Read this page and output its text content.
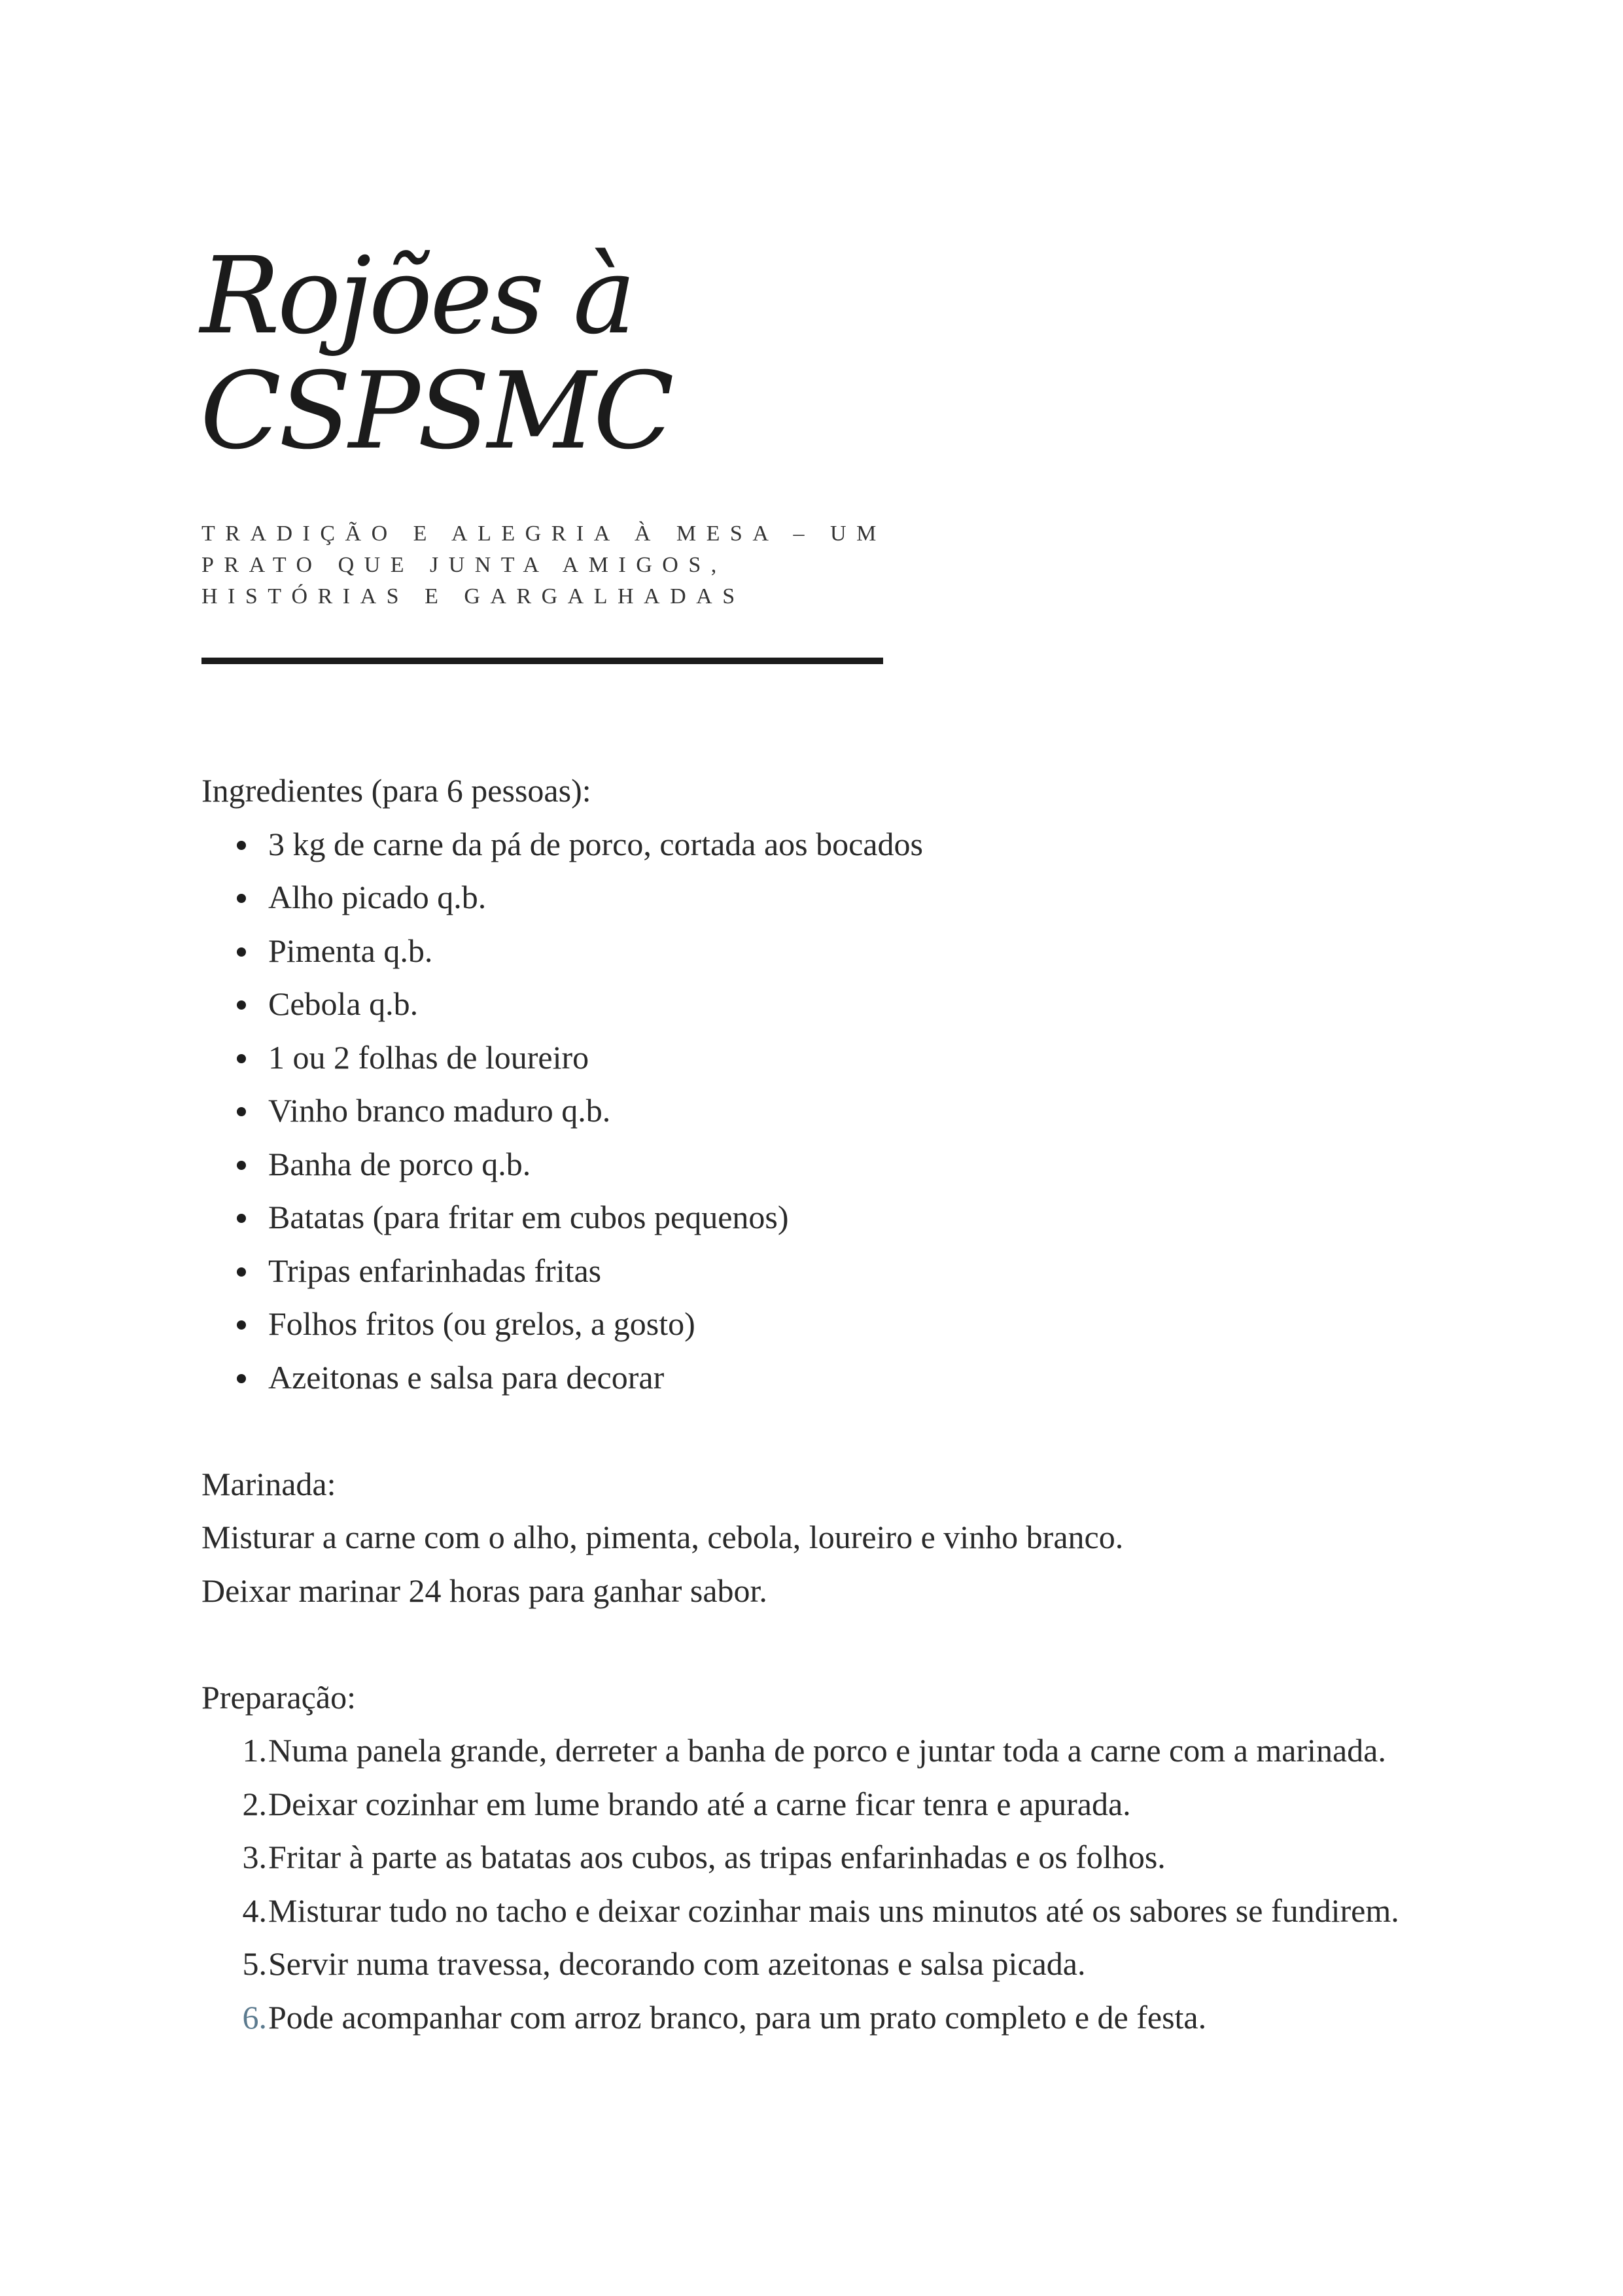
Rojões à
CSPSMC

TRADIÇÃO E ALEGRIA À MESA – UM
PRATO QUE JUNTA AMIGOS,
HISTÓRIAS E GARGALHADAS

Ingredientes (para 6 pessoas):

3 kg de carne da pá de porco, cortada aos bocados
Alho picado q.b.
Pimenta q.b.
Cebola q.b.
1 ou 2 folhas de loureiro
Vinho branco maduro q.b.
Banha de porco q.b.
Batatas (para fritar em cubos pequenos)
Tripas enfarinhadas fritas
Folhos fritos (ou grelos, a gosto)
Azeitonas e salsa para decorar

Marinada:

Misturar a carne com o alho, pimenta, cebola, loureiro e vinho branco.

Deixar marinar 24 horas para ganhar sabor.

Preparação:

1. Numa panela grande, derreter a banha de porco e juntar toda a carne com a marinada.
2. Deixar cozinhar em lume brando até a carne ficar tenra e apurada.
3. Fritar à parte as batatas aos cubos, as tripas enfarinhadas e os folhos.
4. Misturar tudo no tacho e deixar cozinhar mais uns minutos até os sabores se fundirem.
5. Servir numa travessa, decorando com azeitonas e salsa picada.
6. Pode acompanhar com arroz branco, para um prato completo e de festa.
